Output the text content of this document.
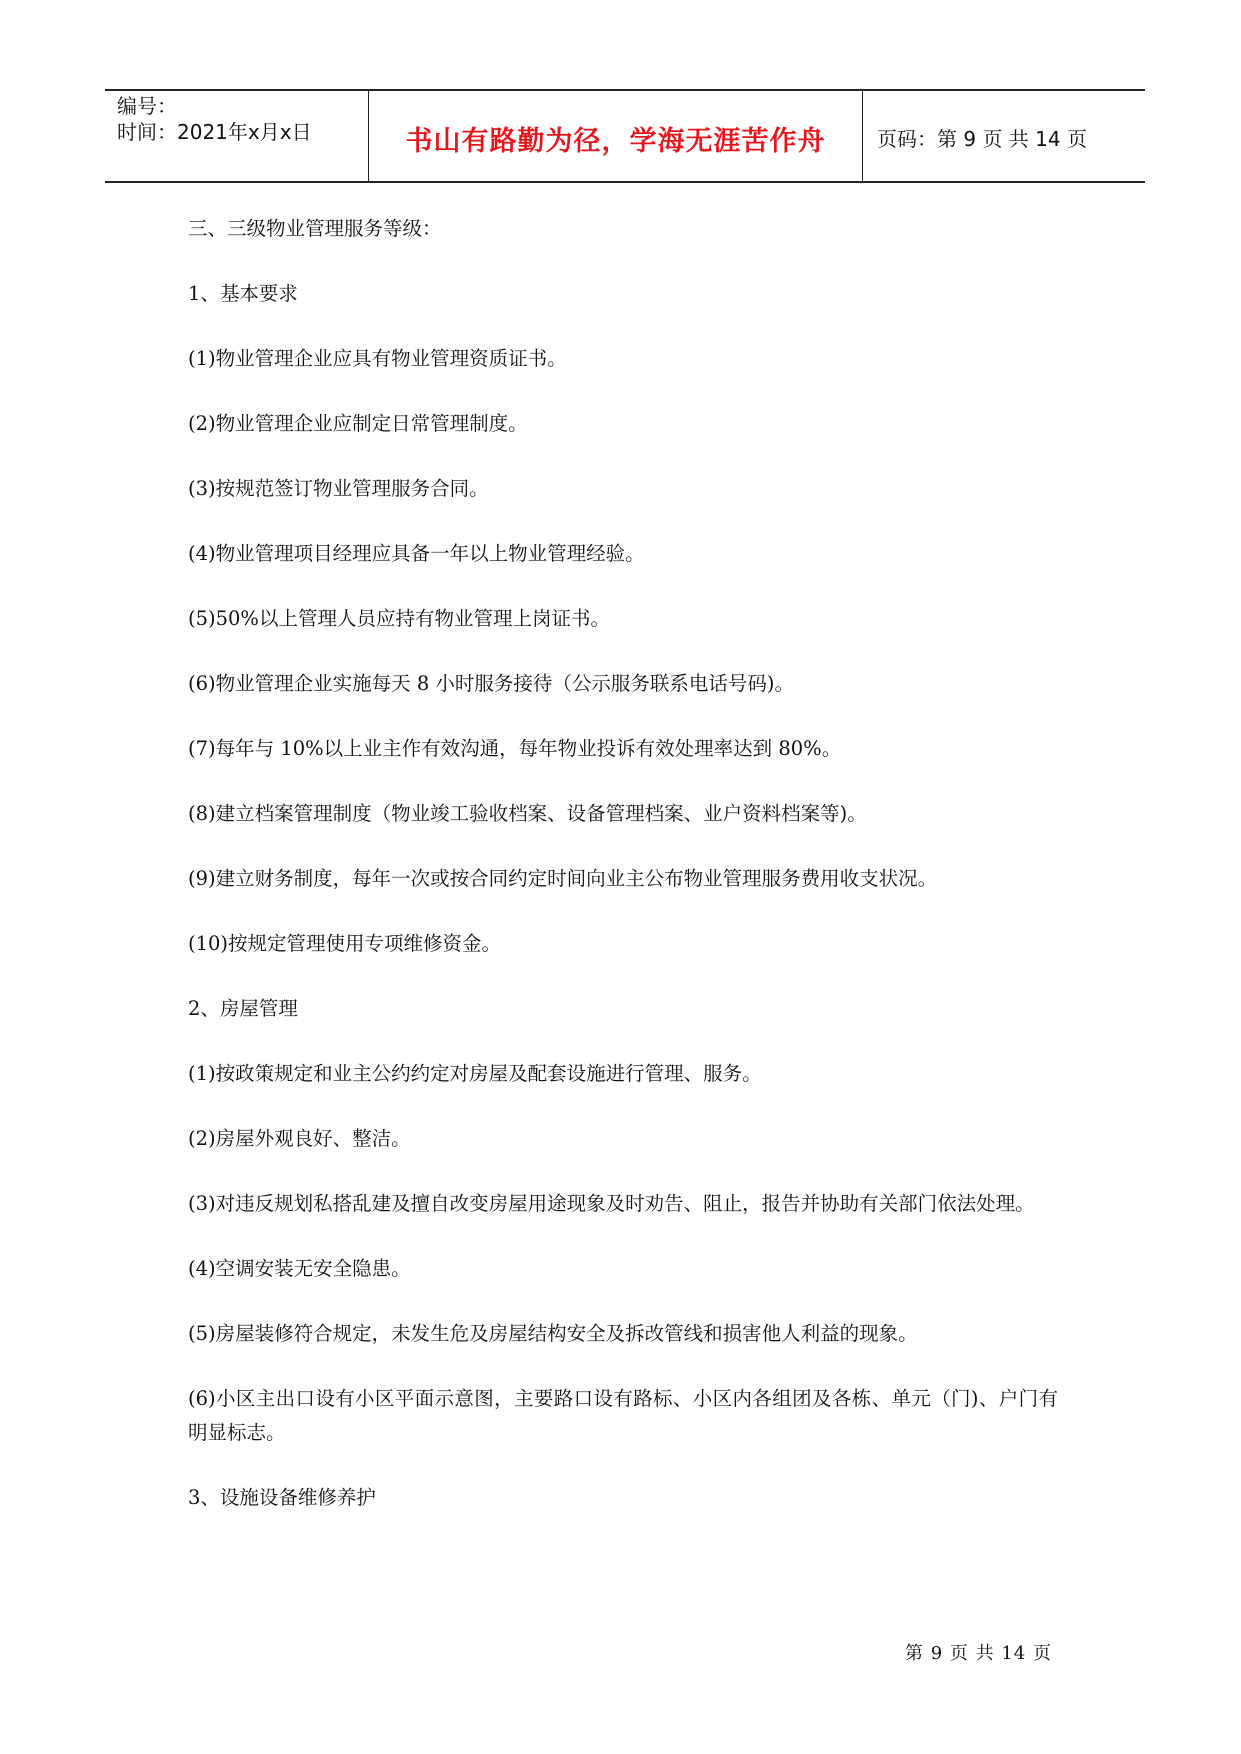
编号：
时间：2021年x月x日	书山有路勤为径，学海无涯苦作舟	页码：第 9 页 共 14 页

三、三级物业管理服务等级：

1、基本要求

(1)物业管理企业应具有物业管理资质证书。

(2)物业管理企业应制定日常管理制度。

(3)按规范签订物业管理服务合同。

(4)物业管理项目经理应具备一年以上物业管理经验。

(5)50%以上管理人员应持有物业管理上岗证书。

(6)物业管理企业实施每天 8 小时服务接待（公示服务联系电话号码)。

(7)每年与 10%以上业主作有效沟通，每年物业投诉有效处理率达到 80%。

(8)建立档案管理制度（物业竣工验收档案、设备管理档案、业户资料档案等)。

(9)建立财务制度，每年一次或按合同约定时间向业主公布物业管理服务费用收支状况。

(10)按规定管理使用专项维修资金。

2、房屋管理

(1)按政策规定和业主公约约定对房屋及配套设施进行管理、服务。

(2)房屋外观良好、整洁。

(3)对违反规划私搭乱建及擅自改变房屋用途现象及时劝告、阻止，报告并协助有关部门依法处理。

(4)空调安装无安全隐患。

(5)房屋装修符合规定，未发生危及房屋结构安全及拆改管线和损害他人利益的现象。

(6)小区主出口设有小区平面示意图，主要路口设有路标、小区内各组团及各栋、单元（门)、户门有明显标志。

3、设施设备维修养护

第 9 页 共 14 页
